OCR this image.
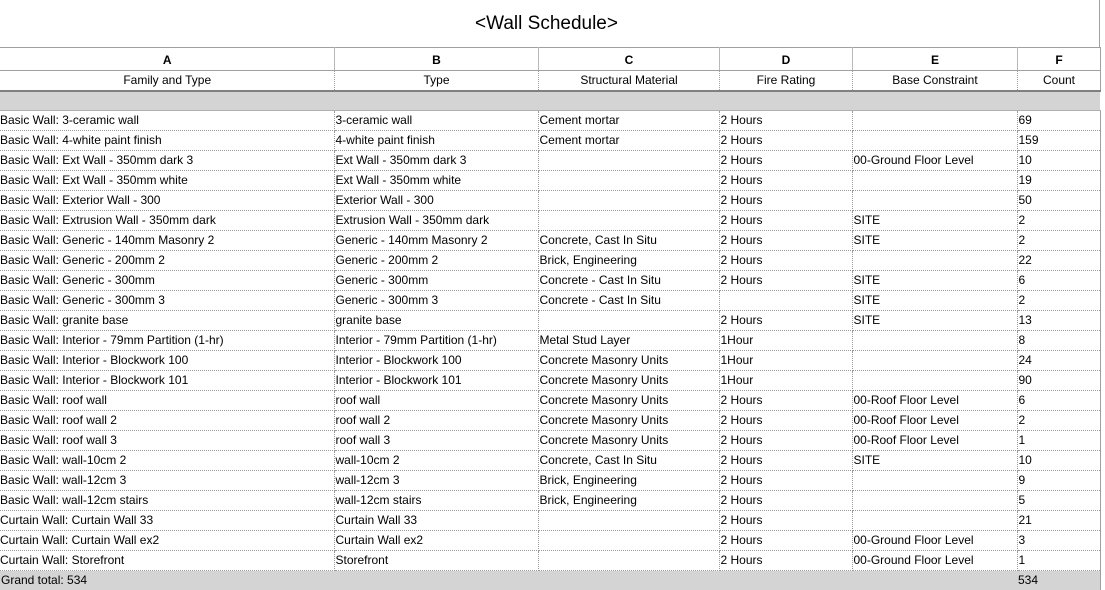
<Wall Schedule>
A	B	C	D	E	F
Family and Type	Type	Structural Material	Fire Rating	Base Constraint	Count

Basic Wall: 3-ceramic wall	3-ceramic wall	Cement mortar	2 Hours		69
Basic Wall: 4-white paint finish	4-white paint finish	Cement mortar	2 Hours		159
Basic Wall: Ext Wall - 350mm dark 3	Ext Wall - 350mm dark 3		2 Hours	00-Ground Floor Level	10
Basic Wall: Ext Wall - 350mm white	Ext Wall - 350mm white		2 Hours		19
Basic Wall: Exterior Wall - 300	Exterior Wall - 300		2 Hours		50
Basic Wall: Extrusion Wall - 350mm dark	Extrusion Wall - 350mm dark		2 Hours	SITE	2
Basic Wall: Generic - 140mm Masonry 2	Generic - 140mm Masonry 2	Concrete, Cast In Situ	2 Hours	SITE	2
Basic Wall: Generic - 200mm 2	Generic - 200mm 2	Brick, Engineering	2 Hours		22
Basic Wall: Generic - 300mm	Generic - 300mm	Concrete - Cast In Situ	2 Hours	SITE	6
Basic Wall: Generic - 300mm 3	Generic - 300mm 3	Concrete - Cast In Situ		SITE	2
Basic Wall: granite base	granite base		2 Hours	SITE	13
Basic Wall: Interior - 79mm Partition (1-hr)	Interior - 79mm Partition (1-hr)	Metal Stud Layer	1Hour		8
Basic Wall: Interior - Blockwork 100	Interior - Blockwork 100	Concrete Masonry Units	1Hour		24
Basic Wall: Interior - Blockwork 101	Interior - Blockwork 101	Concrete Masonry Units	1Hour		90
Basic Wall: roof wall	roof wall	Concrete Masonry Units	2 Hours	00-Roof Floor Level	6
Basic Wall: roof wall 2	roof wall 2	Concrete Masonry Units	2 Hours	00-Roof Floor Level	2
Basic Wall: roof wall 3	roof wall 3	Concrete Masonry Units	2 Hours	00-Roof Floor Level	1
Basic Wall: wall-10cm 2	wall-10cm 2	Concrete, Cast In Situ	2 Hours	SITE	10
Basic Wall: wall-12cm 3	wall-12cm 3	Brick, Engineering	2 Hours		9
Basic Wall: wall-12cm stairs	wall-12cm stairs	Brick, Engineering	2 Hours		5
Curtain Wall: Curtain Wall 33	Curtain Wall 33		2 Hours		21
Curtain Wall: Curtain Wall ex2	Curtain Wall ex2		2 Hours	00-Ground Floor Level	3
Curtain Wall: Storefront	Storefront		2 Hours	00-Ground Floor Level	1
Grand total: 534					534
